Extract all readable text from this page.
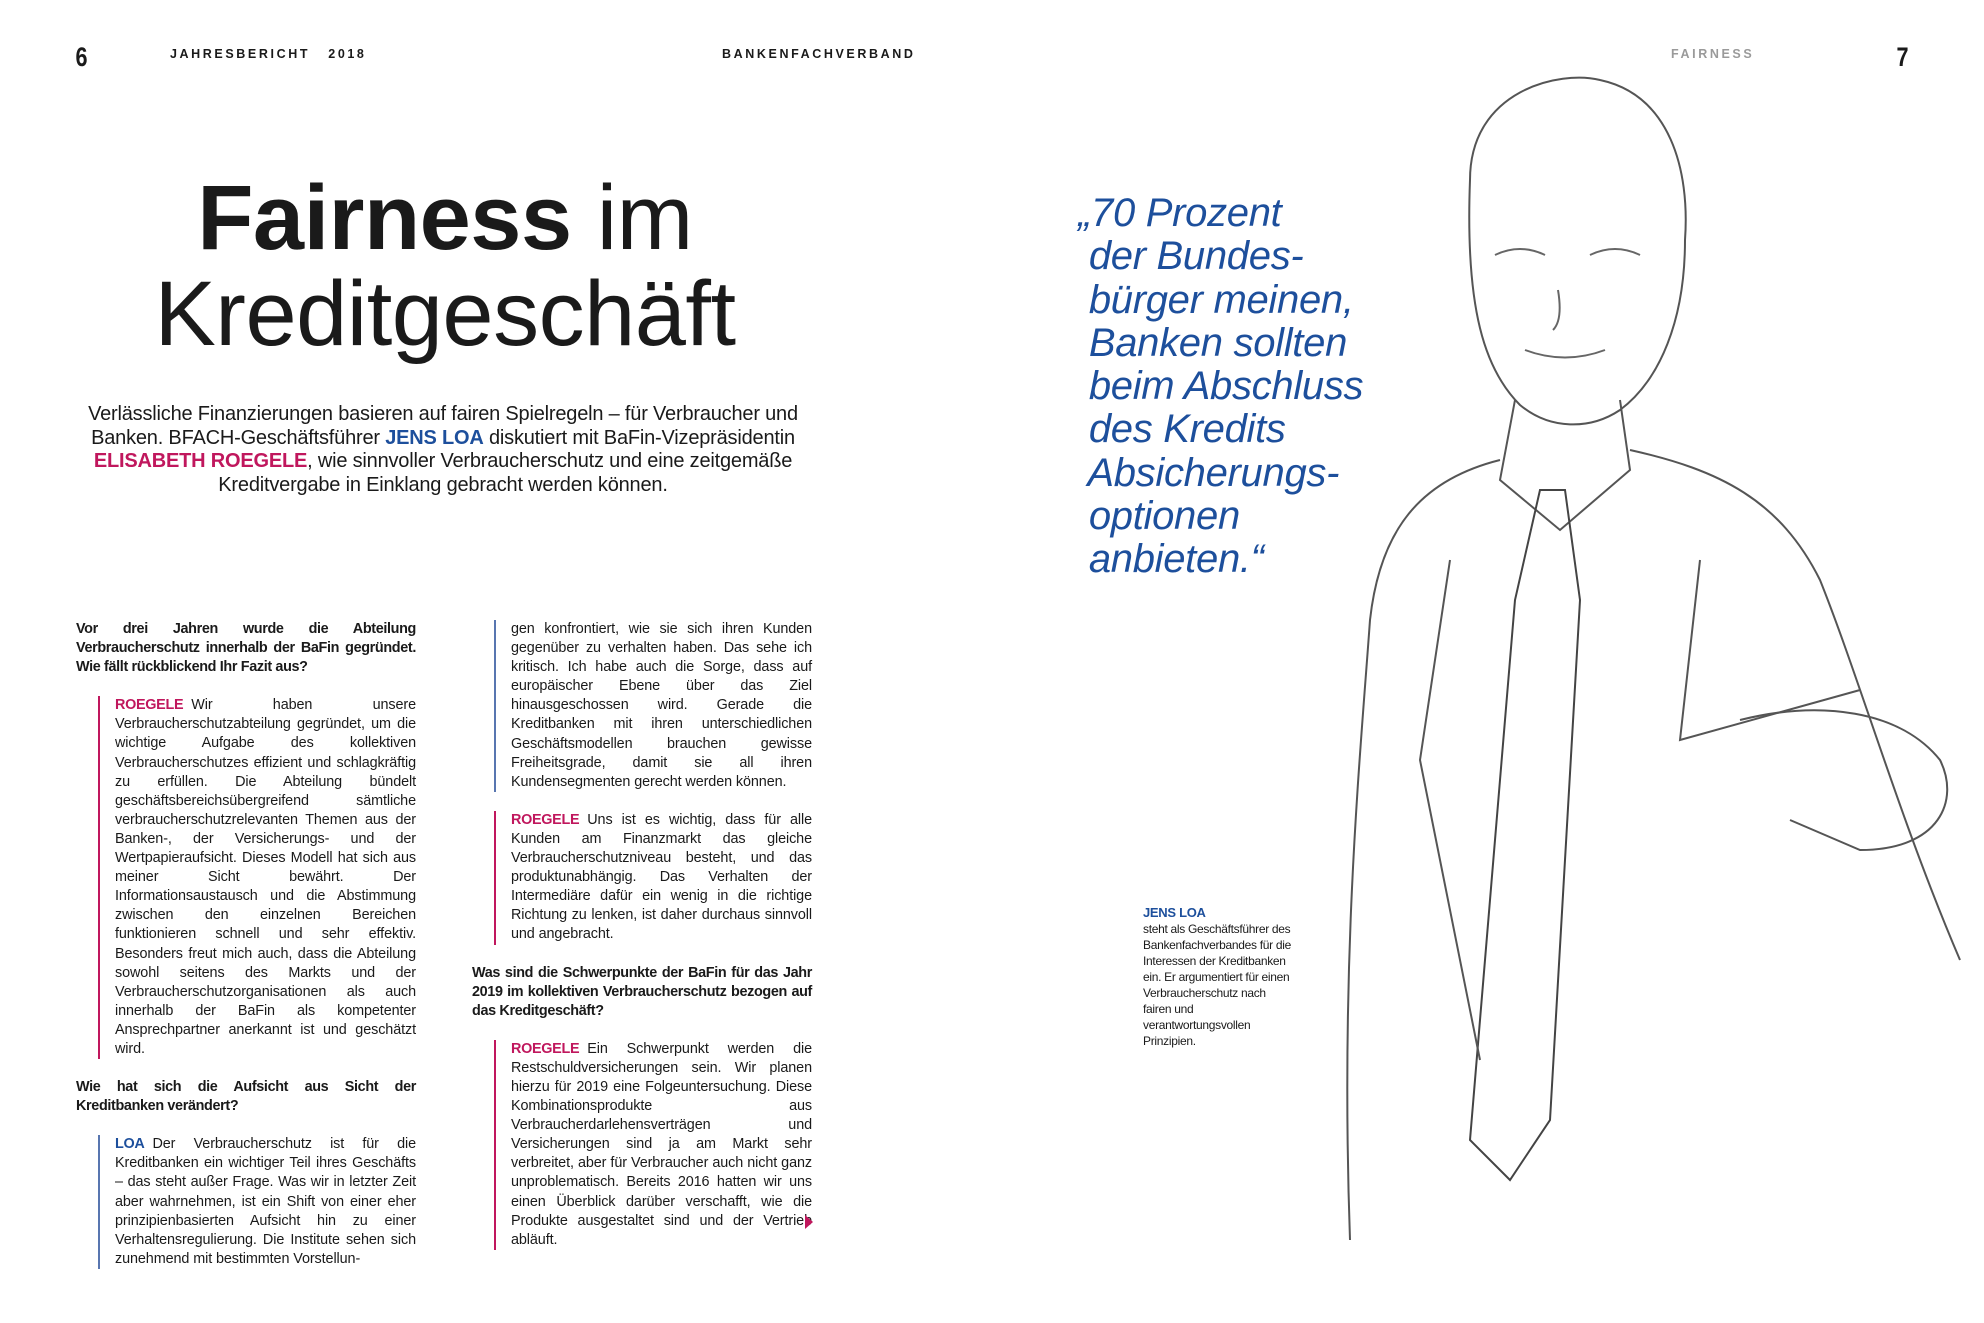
6	JAHRESBERICHT   2018	BANKENFACHVERBAND	FAIRNESS	7
Fairness im
Kreditgeschäft
Verlässliche Finanzierungen basieren auf fairen Spielregeln – für Verbraucher und Banken. BFACH-Geschäftsführer JENS LOA diskutiert mit BaFin-Vizepräsidentin ELISABETH ROEGELE, wie sinnvoller Verbraucherschutz und eine zeitgemäße Kreditvergabe in Einklang gebracht werden können.
Vor drei Jahren wurde die Abteilung Verbraucherschutz innerhalb der BaFin gegründet. Wie fällt rückblickend Ihr Fazit aus?
ROEGELE Wir haben unsere Verbraucherschutzabteilung gegründet, um die wichtige Aufgabe des kollektiven Verbraucherschutzes effizient und schlagkräftig zu erfüllen. Die Abteilung bündelt geschäftsbereichsübergreifend sämtliche verbraucherschutzrelevanten Themen aus der Banken-, der Versicherungs- und der Wertpapieraufsicht. Dieses Modell hat sich aus meiner Sicht bewährt. Der Informationsaustausch und die Abstimmung zwischen den einzelnen Bereichen funktionieren schnell und sehr effektiv. Besonders freut mich auch, dass die Abteilung sowohl seitens des Markts und der Verbraucherschutzorganisationen als auch innerhalb der BaFin als kompetenter Ansprechpartner anerkannt ist und geschätzt wird.
Wie hat sich die Aufsicht aus Sicht der Kreditbanken verändert?
LOA Der Verbraucherschutz ist für die Kreditbanken ein wichtiger Teil ihres Geschäfts – das steht außer Frage. Was wir in letzter Zeit aber wahrnehmen, ist ein Shift von einer eher prinzipienbasierten Aufsicht hin zu einer Verhaltensregulierung. Die Institute sehen sich zunehmend mit bestimmten Vorstellun-
gen konfrontiert, wie sie sich ihren Kunden gegenüber zu verhalten haben. Das sehe ich kritisch. Ich habe auch die Sorge, dass auf europäischer Ebene über das Ziel hinausgeschossen wird. Gerade die Kreditbanken mit ihren unterschiedlichen Geschäftsmodellen brauchen gewisse Freiheitsgrade, damit sie all ihren Kundensegmenten gerecht werden können.
ROEGELE Uns ist es wichtig, dass für alle Kunden am Finanzmarkt das gleiche Verbraucherschutzniveau besteht, und das produktunabhängig. Das Verhalten der Intermediäre dafür ein wenig in die richtige Richtung zu lenken, ist daher durchaus sinnvoll und angebracht.
Was sind die Schwerpunkte der BaFin für das Jahr 2019 im kollektiven Verbraucherschutz bezogen auf das Kreditgeschäft?
ROEGELE Ein Schwerpunkt werden die Restschuldversicherungen sein. Wir planen hierzu für 2019 eine Folgeuntersuchung. Diese Kombinationsprodukte aus Verbraucherdarlehensverträgen und Versicherungen sind ja am Markt sehr verbreitet, aber für Verbraucher auch nicht ganz unproblematisch. Bereits 2016 hatten wir uns einen Überblick darüber verschafft, wie die Produkte ausgestaltet sind und der Vertrieb abläuft.
„70 Prozent
der Bundes-
bürger meinen,
Banken sollten
beim Abschluss
des Kredits
Absicherungs-
optionen
anbieten.“
JENS LOA
steht als Geschäftsführer des Bankenfachverbandes für die Interessen der Kreditbanken ein. Er argumentiert für einen Verbraucherschutz nach fairen und verantwortungsvollen Prinzipien.
